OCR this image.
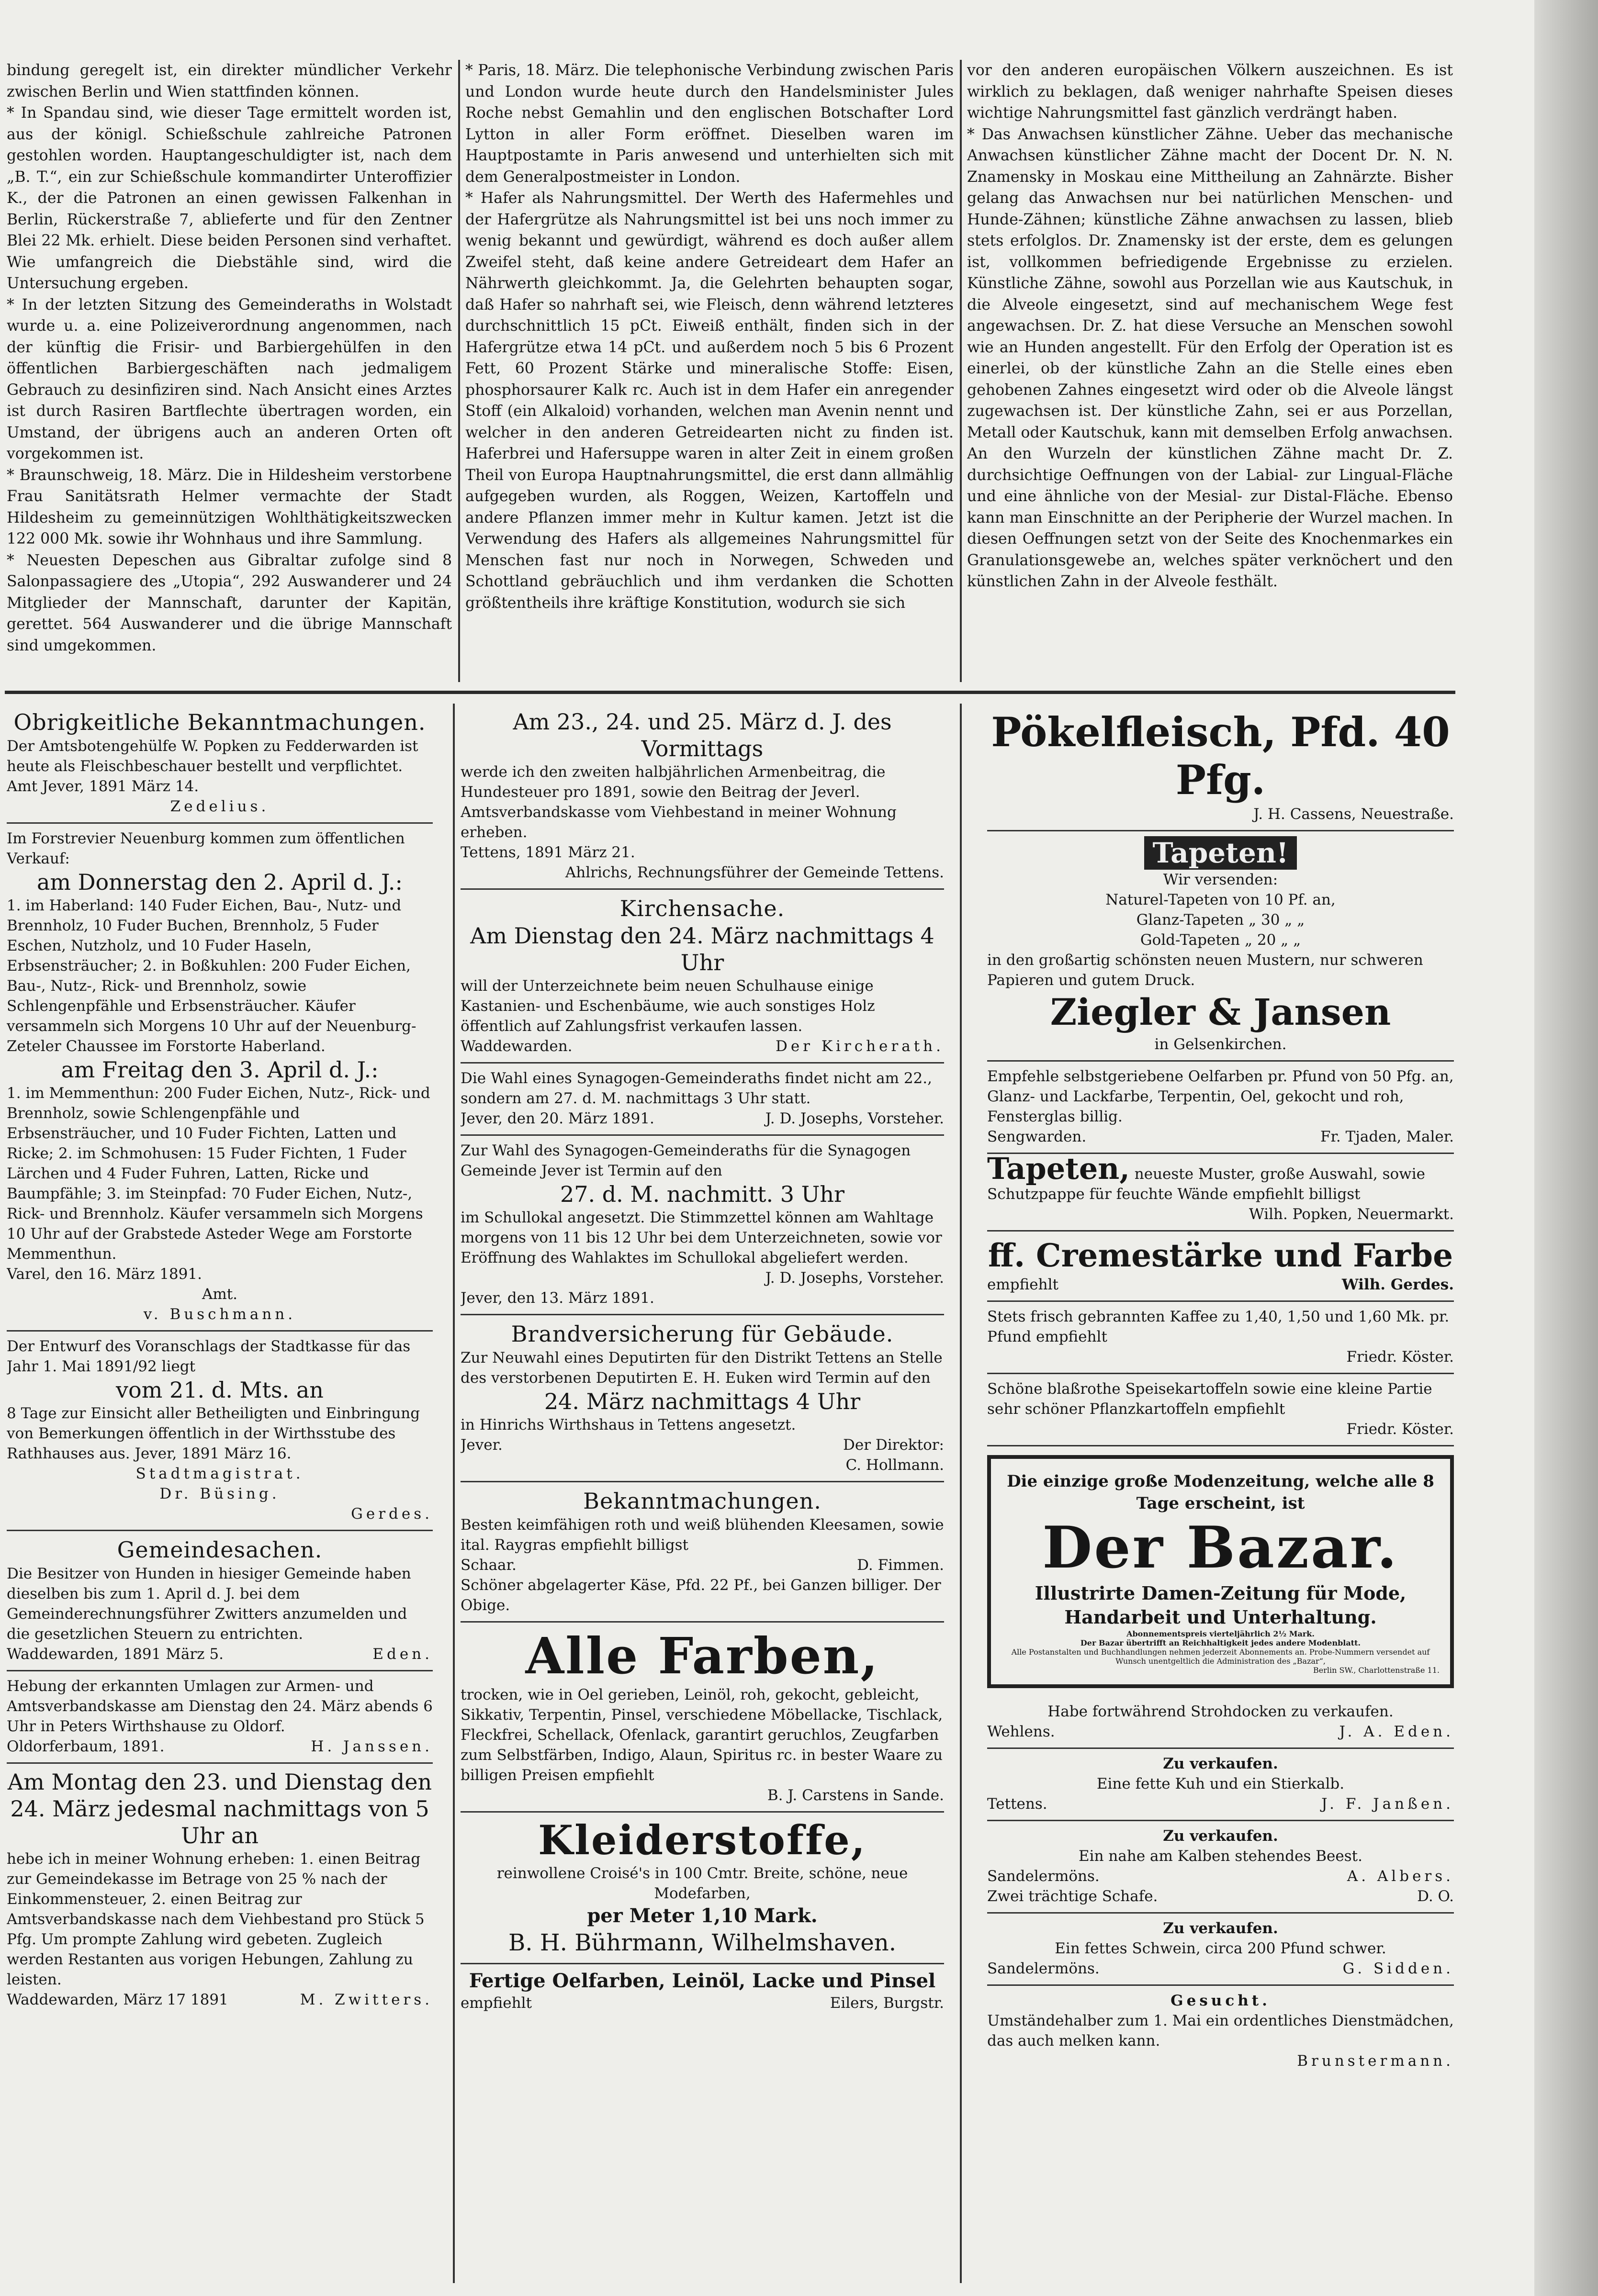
bindung geregelt ist, ein direkter mündlicher Verkehr zwischen Berlin und Wien stattfinden können.

* In Spandau sind, wie dieser Tage ermittelt worden ist, aus der königl. Schießschule zahlreiche Patronen gestohlen worden. Hauptangeschuldigter ist, nach dem „B. T.“, ein zur Schießschule kommandirter Unteroffizier K., der die Patronen an einen gewissen Falkenhan in Berlin, Rückerstraße 7, ablieferte und für den Zentner Blei 22 Mk. erhielt. Diese beiden Personen sind verhaftet. Wie umfangreich die Diebstähle sind, wird die Untersuchung ergeben.

* In der letzten Sitzung des Gemeinderaths in Wolstadt wurde u. a. eine Polizeiverordnung angenommen, nach der künftig die Frisir- und Barbiergehülfen in den öffentlichen Barbiergeschäften nach jedmaligem Gebrauch zu desinfiziren sind. Nach Ansicht eines Arztes ist durch Rasiren Bartflechte übertragen worden, ein Umstand, der übrigens auch an anderen Orten oft vorgekommen ist.

* Braunschweig, 18. März. Die in Hildesheim verstorbene Frau Sanitätsrath Helmer vermachte der Stadt Hildesheim zu gemeinnützigen Wohlthätigkeitszwecken 122 000 Mk. sowie ihr Wohnhaus und ihre Sammlung.

* Neuesten Depeschen aus Gibraltar zufolge sind 8 Salonpassagiere des „Utopia“, 292 Auswanderer und 24 Mitglieder der Mannschaft, darunter der Kapitän, gerettet. 564 Auswanderer und die übrige Mannschaft sind umgekommen.

* Paris, 18. März. Die telephonische Verbindung zwischen Paris und London wurde heute durch den Handelsminister Jules Roche nebst Gemahlin und den englischen Botschafter Lord Lytton in aller Form eröffnet. Dieselben waren im Hauptpostamte in Paris anwesend und unterhielten sich mit dem Generalpostmeister in London.

* Hafer als Nahrungsmittel. Der Werth des Hafermehles und der Hafergrütze als Nahrungsmittel ist bei uns noch immer zu wenig bekannt und gewürdigt, während es doch außer allem Zweifel steht, daß keine andere Getreideart dem Hafer an Nährwerth gleichkommt. Ja, die Gelehrten behaupten sogar, daß Hafer so nahrhaft sei, wie Fleisch, denn während letzteres durchschnittlich 15 pCt. Eiweiß enthält, finden sich in der Hafergrütze etwa 14 pCt. und außerdem noch 5 bis 6 Prozent Fett, 60 Prozent Stärke und mineralische Stoffe: Eisen, phosphorsaurer Kalk rc. Auch ist in dem Hafer ein anregender Stoff (ein Alkaloid) vorhanden, welchen man Avenin nennt und welcher in den anderen Getreidearten nicht zu finden ist. Haferbrei und Hafersuppe waren in alter Zeit in einem großen Theil von Europa Hauptnahrungsmittel, die erst dann allmählig aufgegeben wurden, als Roggen, Weizen, Kartoffeln und andere Pflanzen immer mehr in Kultur kamen. Jetzt ist die Verwendung des Hafers als allgemeines Nahrungsmittel für Menschen fast nur noch in Norwegen, Schweden und Schottland gebräuchlich und ihm verdanken die Schotten größtentheils ihre kräftige Konstitution, wodurch sie sich

vor den anderen europäischen Völkern auszeichnen. Es ist wirklich zu beklagen, daß weniger nahrhafte Speisen dieses wichtige Nahrungsmittel fast gänzlich verdrängt haben.

* Das Anwachsen künstlicher Zähne. Ueber das mechanische Anwachsen künstlicher Zähne macht der Docent Dr. N. N. Znamensky in Moskau eine Mittheilung an Zahnärzte. Bisher gelang das Anwachsen nur bei natürlichen Menschen- und Hunde-Zähnen; künstliche Zähne anwachsen zu lassen, blieb stets erfolglos. Dr. Znamensky ist der erste, dem es gelungen ist, vollkommen befriedigende Ergebnisse zu erzielen. Künstliche Zähne, sowohl aus Porzellan wie aus Kautschuk, in die Alveole eingesetzt, sind auf mechanischem Wege fest angewachsen. Dr. Z. hat diese Versuche an Menschen sowohl wie an Hunden angestellt. Für den Erfolg der Operation ist es einerlei, ob der künstliche Zahn an die Stelle eines eben gehobenen Zahnes eingesetzt wird oder ob die Alveole längst zugewachsen ist. Der künstliche Zahn, sei er aus Porzellan, Metall oder Kautschuk, kann mit demselben Erfolg anwachsen. An den Wurzeln der künstlichen Zähne macht Dr. Z. durchsichtige Oeffnungen von der Labial- zur Lingual-Fläche und eine ähnliche von der Mesial- zur Distal-Fläche. Ebenso kann man Einschnitte an der Peripherie der Wurzel machen. In diesen Oeffnungen setzt von der Seite des Knochenmarkes ein Granulationsgewebe an, welches später verknöchert und den künstlichen Zahn in der Alveole festhält.

Obrigkeitliche Bekanntmachungen.

Der Amtsbotengehülfe W. Popken zu Fedderwarden ist heute als Fleischbeschauer bestellt und verpflichtet.

Amt Jever, 1891 März 14.

Zedelius.

Im Forstrevier Neuenburg kommen zum öffentlichen Verkauf:

am Donnerstag den 2. April d. J.:

1. im Haberland: 140 Fuder Eichen, Bau-, Nutz- und Brennholz, 10 Fuder Buchen, Brennholz, 5 Fuder Eschen, Nutzholz, und 10 Fuder Haseln, Erbsensträucher; 2. in Boßkuhlen: 200 Fuder Eichen, Bau-, Nutz-, Rick- und Brennholz, sowie Schlengenpfähle und Erbsensträucher. Käufer versammeln sich Morgens 10 Uhr auf der Neuenburg-Zeteler Chaussee im Forstorte Haberland.

am Freitag den 3. April d. J.:

1. im Memmenthun: 200 Fuder Eichen, Nutz-, Rick- und Brennholz, sowie Schlengenpfähle und Erbsensträucher, und 10 Fuder Fichten, Latten und Ricke; 2. im Schmohusen: 15 Fuder Fichten, 1 Fuder Lärchen und 4 Fuder Fuhren, Latten, Ricke und Baumpfähle; 3. im Steinpfad: 70 Fuder Eichen, Nutz-, Rick- und Brennholz. Käufer versammeln sich Morgens 10 Uhr auf der Grabstede Asteder Wege am Forstorte Memmenthun.

Varel, den 16. März 1891.

Amt.

v. Buschmann.

Der Entwurf des Voranschlags der Stadtkasse für das Jahr 1. Mai 1891/92 liegt

vom 21. d. Mts. an

8 Tage zur Einsicht aller Betheiligten und Einbringung von Bemerkungen öffentlich in der Wirthsstube des Rathhauses aus. Jever, 1891 März 16.

Stadtmagistrat.

Dr. Büsing.

Gerdes.

Gemeindesachen.

Die Besitzer von Hunden in hiesiger Gemeinde haben dieselben bis zum 1. April d. J. bei dem Gemeinderechnungsführer Zwitters anzumelden und die gesetzlichen Steuern zu entrichten.

Waddewarden, 1891 März 5.	Eden.

Hebung der erkannten Umlagen zur Armen- und Amtsverbandskasse am Dienstag den 24. März abends 6 Uhr in Peters Wirthshause zu Oldorf.

Oldorferbaum, 1891.	H. Janssen.

Am Montag den 23. und Dienstag den 24. März jedesmal nachmittags von 5 Uhr an

hebe ich in meiner Wohnung erheben: 1. einen Beitrag zur Gemeindekasse im Betrage von 25 % nach der Einkommensteuer, 2. einen Beitrag zur Amtsverbandskasse nach dem Viehbestand pro Stück 5 Pfg. Um prompte Zahlung wird gebeten. Zugleich werden Restanten aus vorigen Hebungen, Zahlung zu leisten.

Waddewarden, März 17 1891	M. Zwitters.

Am 23., 24. und 25. März d. J. des Vormittags

werde ich den zweiten halbjährlichen Armenbeitrag, die Hundesteuer pro 1891, sowie den Beitrag der Jeverl. Amtsverbandskasse vom Viehbestand in meiner Wohnung erheben.

Tettens, 1891 März 21.

Ahlrichs, Rechnungsführer der Gemeinde Tettens.

Kirchensache.
Am Dienstag den 24. März nachmittags 4 Uhr

will der Unterzeichnete beim neuen Schulhause einige Kastanien- und Eschenbäume, wie auch sonstiges Holz öffentlich auf Zahlungsfrist verkaufen lassen.

Waddewarden.	Der Kircherath.

Die Wahl eines Synagogen-Gemeinderaths findet nicht am 22., sondern am 27. d. M. nachmittags 3 Uhr statt.

Jever, den 20. März 1891.	J. D. Josephs, Vorsteher.

Zur Wahl des Synagogen-Gemeinderaths für die Synagogen Gemeinde Jever ist Termin auf den

27. d. M. nachmitt. 3 Uhr

im Schullokal angesetzt. Die Stimmzettel können am Wahltage morgens von 11 bis 12 Uhr bei dem Unterzeichneten, sowie vor Eröffnung des Wahlaktes im Schullokal abgeliefert werden.

J. D. Josephs, Vorsteher.

Jever, den 13. März 1891.

Brandversicherung für Gebäude.

Zur Neuwahl eines Deputirten für den Distrikt Tettens an Stelle des verstorbenen Deputirten E. H. Euken wird Termin auf den

24. März nachmittags 4 Uhr

in Hinrichs Wirthshaus in Tettens angesetzt.

Jever.	Der Direktor:

C. Hollmann.

Bekanntmachungen.

Besten keimfähigen roth und weiß blühenden Kleesamen, sowie ital. Raygras empfiehlt billigst

Schaar.	D. Fimmen.

Schöner abgelagerter Käse, Pfd. 22 Pf., bei Ganzen billiger. Der Obige.

Alle Farben,

trocken, wie in Oel gerieben, Leinöl, roh, gekocht, gebleicht, Sikkativ, Terpentin, Pinsel, verschiedene Möbellacke, Tischlack, Fleckfrei, Schellack, Ofenlack, garantirt geruchlos, Zeugfarben zum Selbstfärben, Indigo, Alaun, Spiritus rc. in bester Waare zu billigen Preisen empfiehlt

B. J. Carstens in Sande.

Kleiderstoffe,

reinwollene Croisé's in 100 Cmtr. Breite, schöne, neue Modefarben,

per Meter 1,10 Mark.

B. H. Bührmann, Wilhelmshaven.

Fertige Oelfarben, Leinöl, Lacke und Pinsel

empfiehlt	Eilers, Burgstr.

Pökelfleisch, Pfd. 40 Pfg.

J. H. Cassens, Neuestraße.

Tapeten!

Wir versenden:

Naturel-Tapeten von 10 Pf. an,

Glanz-Tapeten „ 30 „ „

Gold-Tapeten „ 20 „ „

in den großartig schönsten neuen Mustern, nur schweren Papieren und gutem Druck.

Ziegler & Jansen

in Gelsenkirchen.

Empfehle selbstgeriebene Oelfarben pr. Pfund von 50 Pfg. an, Glanz- und Lackfarbe, Terpentin, Oel, gekocht und roh, Fensterglas billig.

Sengwarden.	Fr. Tjaden, Maler.

Tapeten, neueste Muster, große Auswahl, sowie Schutzpappe für feuchte Wände empfiehlt billigst

Wilh. Popken, Neuermarkt.

ff. Cremestärke und Farbe

empfiehlt	Wilh. Gerdes.

Stets frisch gebrannten Kaffee zu 1,40, 1,50 und 1,60 Mk. pr. Pfund empfiehlt

Friedr. Köster.

Schöne blaßrothe Speisekartoffeln sowie eine kleine Partie sehr schöner Pflanzkartoffeln empfiehlt

Friedr. Köster.

Die einzige große Modenzeitung, welche alle 8 Tage erscheint, ist

Der Bazar.

Illustrirte Damen-Zeitung für Mode, Handarbeit und Unterhaltung.

Abonnementspreis vierteljährlich 2½ Mark.

Der Bazar übertrifft an Reichhaltigkeit jedes andere Modenblatt.

Alle Postanstalten und Buchhandlungen nehmen jederzeit Abonnements an. Probe-Nummern versendet auf Wunsch unentgeltlich die Administration des „Bazar“,

Berlin SW., Charlottenstraße 11.

Habe fortwährend Strohdocken zu verkaufen.

Wehlens.	J. A. Eden.

Zu verkaufen.

Eine fette Kuh und ein Stierkalb.

Tettens.	J. F. Janßen.

Zu verkaufen.

Ein nahe am Kalben stehendes Beest.

Sandelermöns.	A. Albers.

Zwei trächtige Schafe.	D. O.

Zu verkaufen.

Ein fettes Schwein, circa 200 Pfund schwer.

Sandelermöns.	G. Sidden.

Gesucht.

Umständehalber zum 1. Mai ein ordentliches Dienstmädchen, das auch melken kann.

Brunstermann.
